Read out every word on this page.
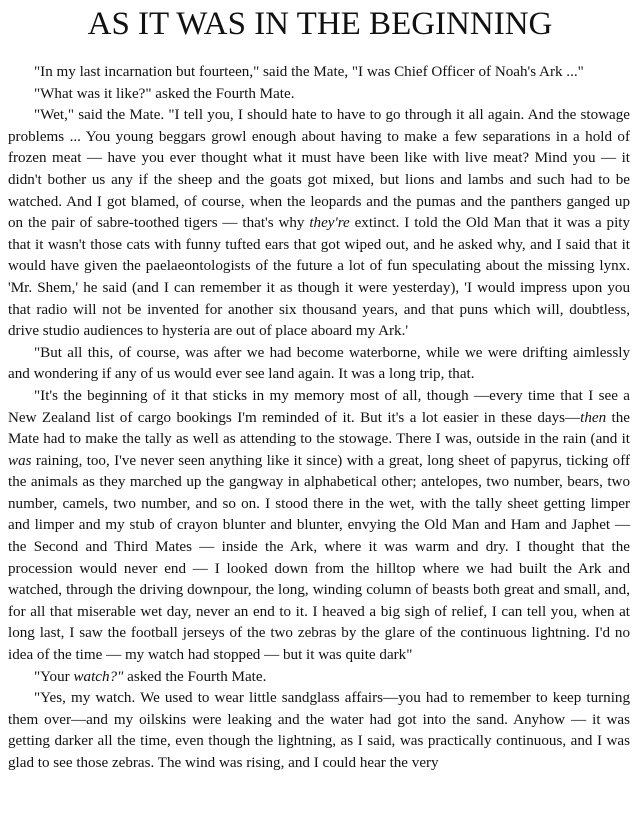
AS IT WAS IN THE BEGINNING

"In my last incarnation but fourteen," said the Mate, "I was Chief Officer of Noah's Ark ..."

"What was it like?" asked the Fourth Mate.

"Wet," said the Mate. "I tell you, I should hate to have to go through it all again. And the stowage problems ... You young beggars growl enough about having to make a few separations in a hold of frozen meat — have you ever thought what it must have been like with live meat? Mind you — it didn't bother us any if the sheep and the goats got mixed, but lions and lambs and such had to be watched. And I got blamed, of course, when the leopards and the pumas and the panthers ganged up on the pair of sabre-toothed tigers — that's why they're extinct. I told the Old Man that it was a pity that it wasn't those cats with funny tufted ears that got wiped out, and he asked why, and I said that it would have given the paelaeontologists of the future a lot of fun speculating about the missing lynx. 'Mr. Shem,' he said (and I can remember it as though it were yesterday), 'I would impress upon you that radio will not be invented for another six thousand years, and that puns which will, doubtless, drive studio audiences to hysteria are out of place aboard my Ark.'

"But all this, of course, was after we had become waterborne, while we were drifting aimlessly and wondering if any of us would ever see land again. It was a long trip, that.

"It's the beginning of it that sticks in my memory most of all, though —every time that I see a New Zealand list of cargo bookings I'm reminded of it. But it's a lot easier in these days—then the Mate had to make the tally as well as attending to the stowage. There I was, outside in the rain (and it was raining, too, I've never seen anything like it since) with a great, long sheet of papyrus, ticking off the animals as they marched up the gangway in alphabetical other; antelopes, two number, bears, two number, camels, two number, and so on. I stood there in the wet, with the tally sheet getting limper and limper and my stub of crayon blunter and blunter, envying the Old Man and Ham and Japhet — the Second and Third Mates — inside the Ark, where it was warm and dry. I thought that the procession would never end — I looked down from the hilltop where we had built the Ark and watched, through the driving downpour, the long, winding column of beasts both great and small, and, for all that miserable wet day, never an end to it. I heaved a big sigh of relief, I can tell you, when at long last, I saw the football jerseys of the two zebras by the glare of the continuous lightning. I'd no idea of the time — my watch had stopped — but it was quite dark"

"Your watch?" asked the Fourth Mate.

"Yes, my watch. We used to wear little sandglass affairs—you had to remember to keep turning them over—and my oilskins were leaking and the water had got into the sand. Anyhow — it was getting darker all the time, even though the lightning, as I said, was practically continuous, and I was glad to see those zebras. The wind was rising, and I could hear the very
